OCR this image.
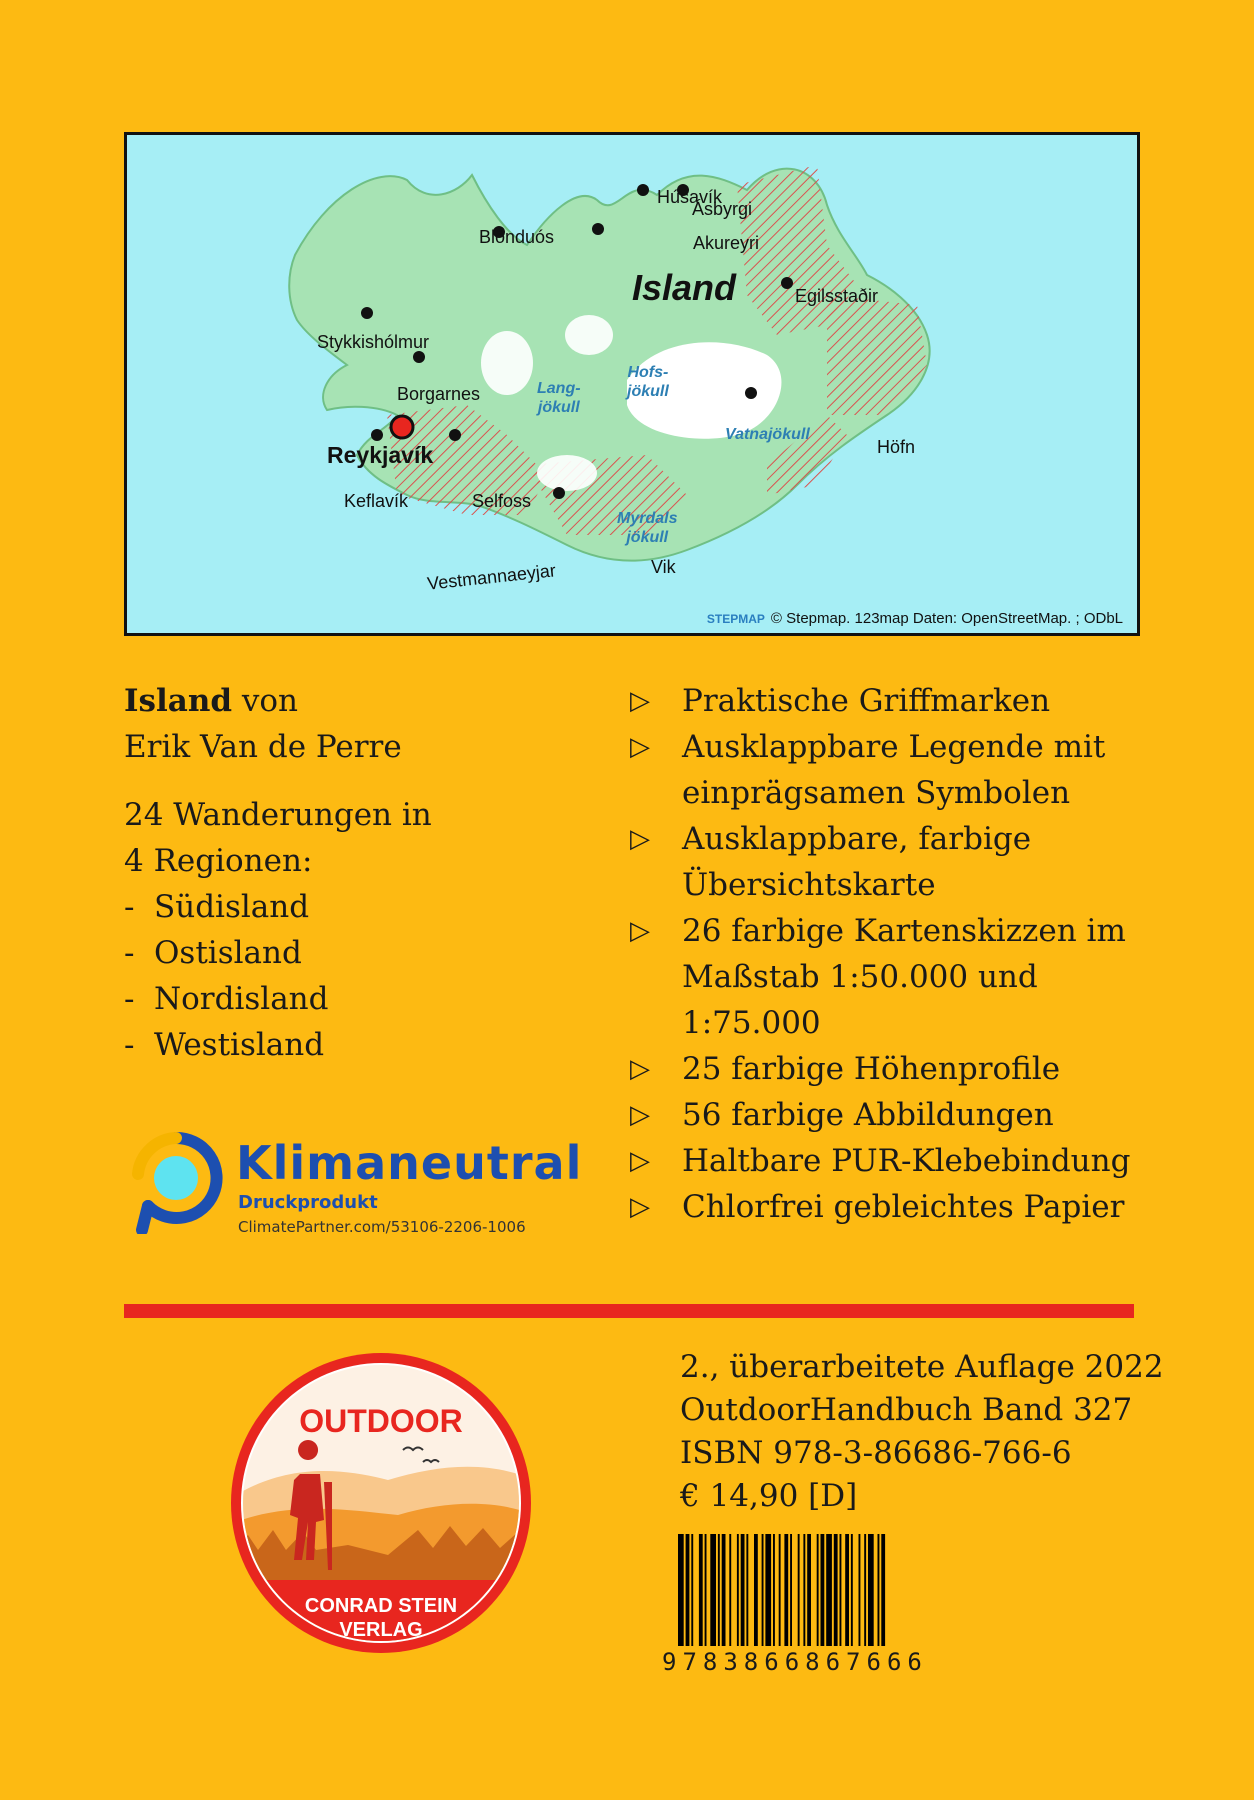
Island
Húsavík
Ásbyrgi
Blönduós	Akureyri
Egilsstaðir
Stykkishólmur
Borgarnes
Reykjavík
Keflavík	Selfoss
Höfn
Vik
Vestmannaeyjar
Lang-
jökull
Hofs-
jökull
Vatnajökull
Myrdals
jökull
STEPMAP © Stepmap. 123map Daten: OpenStreetMap. ; ODbL
Island von
Erik Van de Perre
24 Wanderungen in
4 Regionen:
- Südisland
- Ostisland
- Nordisland
- Westisland
▷	Praktische Griffmarken
▷	Ausklappbare Legende mit
einprägsamen Symbolen
▷	Ausklappbare, farbige
Übersichtskarte
▷	26 farbige Kartenskizzen im
Maßstab 1:50.000 und
1:75.000
▷	25 farbige Höhenprofile
▷	56 farbige Abbildungen
▷	Haltbare PUR-Klebebindung
▷	Chlorfrei gebleichtes Papier
Klimaneutral
Druckprodukt
ClimatePartner.com/53106-2206-1006
OUTDOOR
CONRAD STEIN
VERLAG
2., überarbeitete Auflage 2022
OutdoorHandbuch Band 327
ISBN 978-3-86686-766-6
€ 14,90 [D]
9783866867666
